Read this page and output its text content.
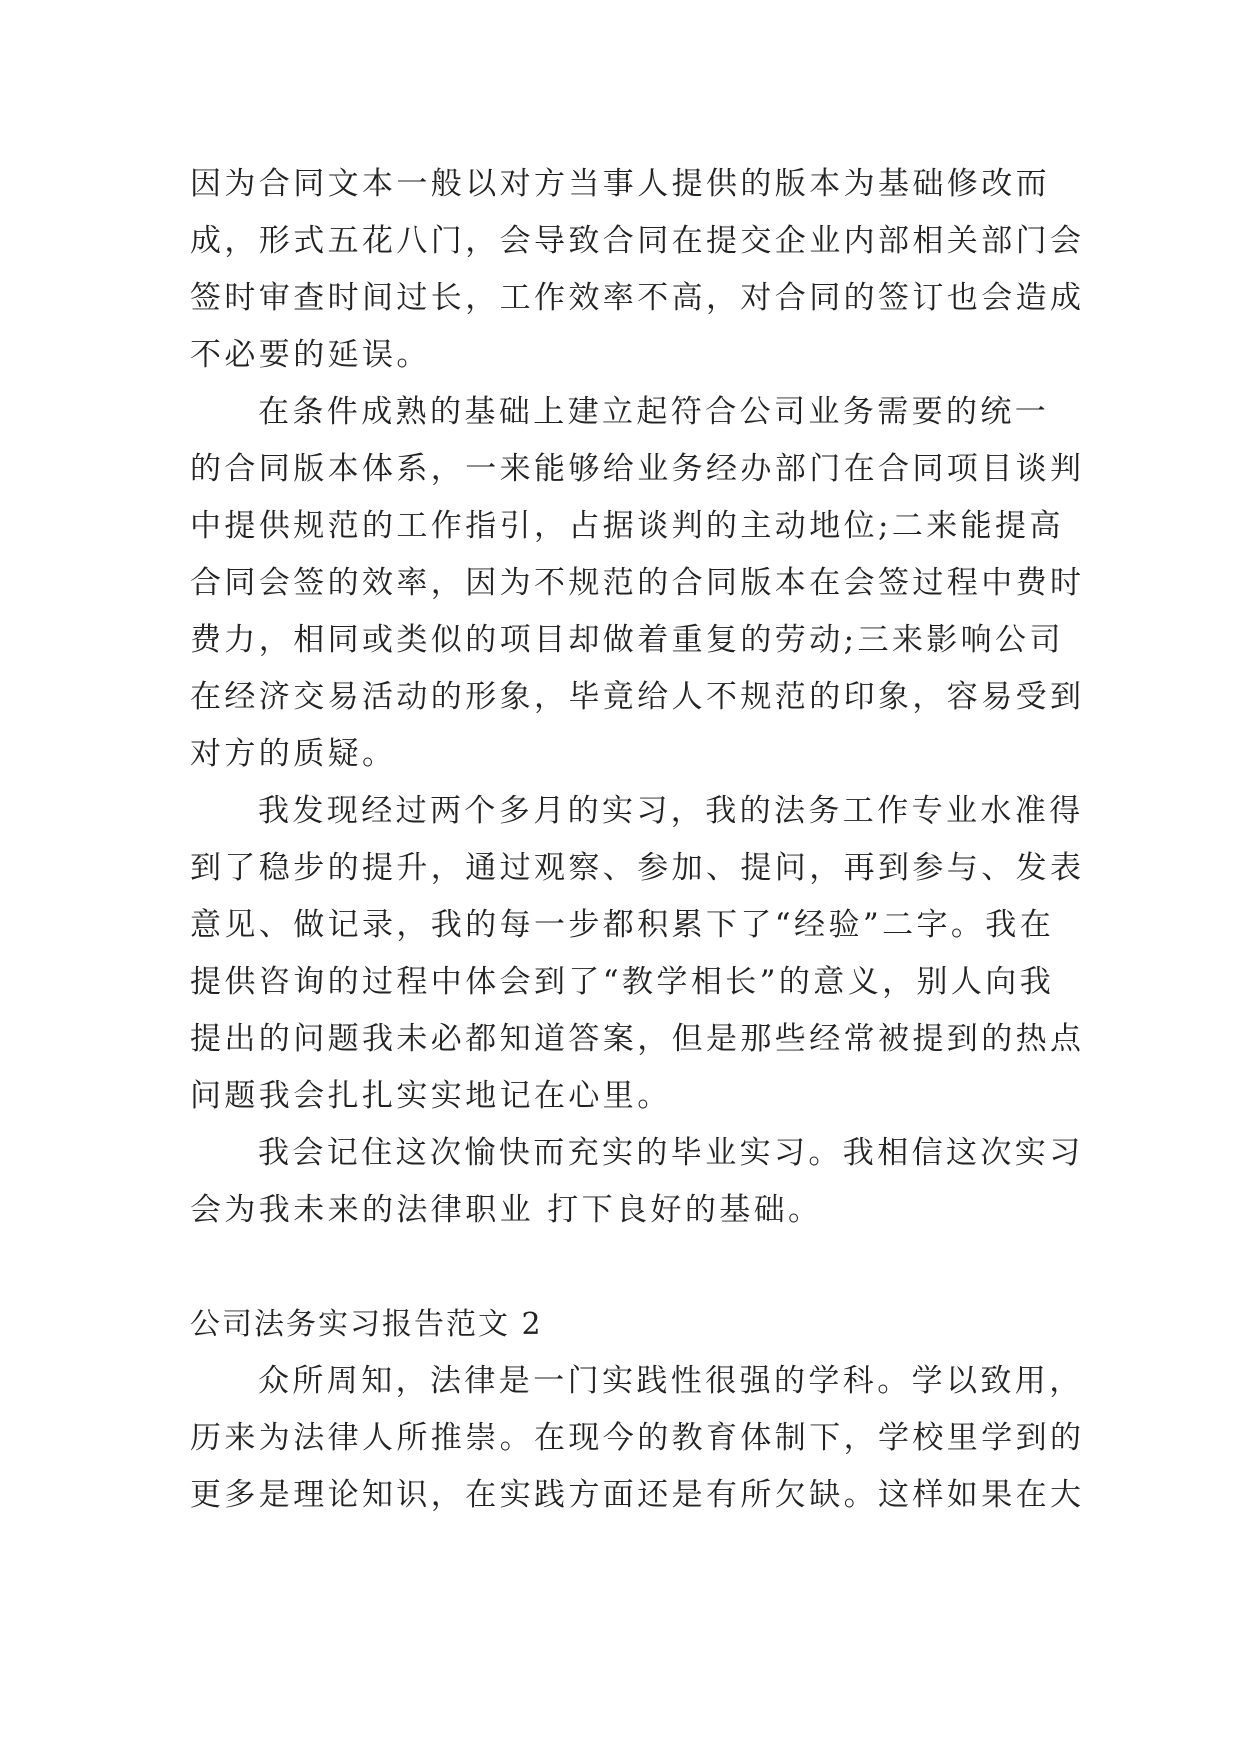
因为合同文本一般以对方当事人提供的版本为基础修改而
成，形式五花八门，会导致合同在提交企业内部相关部门会
签时审查时间过长，工作效率不高，对合同的签订也会造成
不必要的延误。
在条件成熟的基础上建立起符合公司业务需要的统一
的合同版本体系，一来能够给业务经办部门在合同项目谈判
中提供规范的工作指引，占据谈判的主动地位;二来能提高
合同会签的效率，因为不规范的合同版本在会签过程中费时
费力，相同或类似的项目却做着重复的劳动;三来影响公司
在经济交易活动的形象，毕竟给人不规范的印象，容易受到
对方的质疑。
我发现经过两个多月的实习，我的法务工作专业水准得
到了稳步的提升，通过观察、参加、提问，再到参与、发表
意见、做记录，我的每一步都积累下了“经验”二字。我在
提供咨询的过程中体会到了“教学相长”的意义，别人向我
提出的问题我未必都知道答案，但是那些经常被提到的热点
问题我会扎扎实实地记在心里。
我会记住这次愉快而充实的毕业实习。我相信这次实习
会为我未来的法律职业 打下良好的基础。
公司法务实习报告范文 2
众所周知，法律是一门实践性很强的学科。学以致用，
历来为法律人所推崇。在现今的教育体制下，学校里学到的
更多是理论知识，在实践方面还是有所欠缺。这样如果在大
